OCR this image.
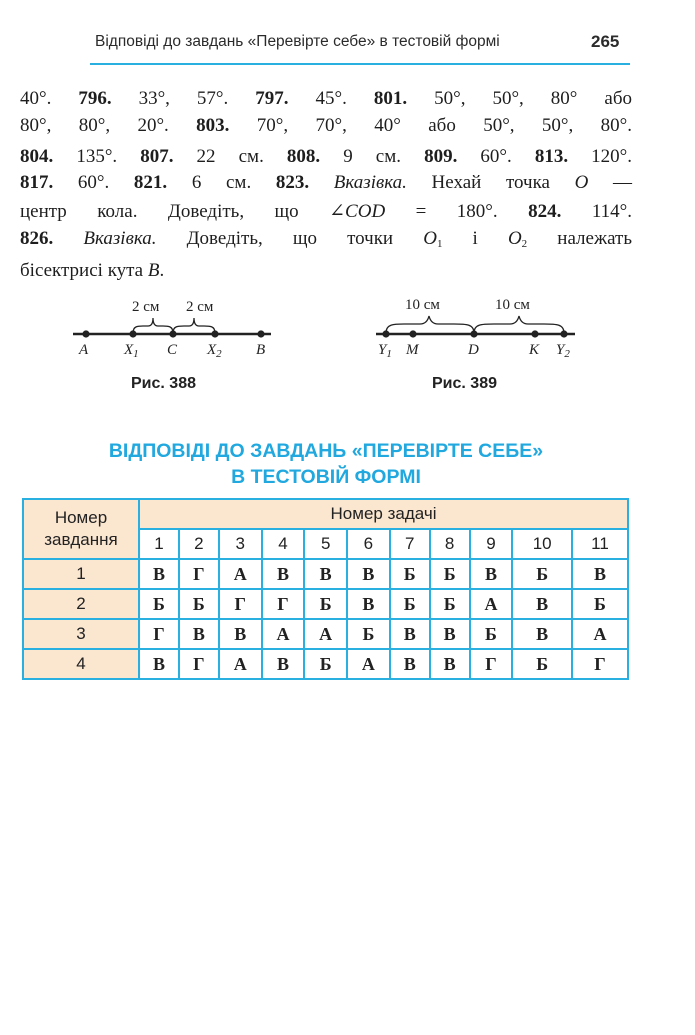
Відповіді до завдань «Перевірте себе» в тестовій формі	265
40°. 796. 33°, 57°. 797. 45°. 801. 50°, 50°, 80° або
80°, 80°, 20°. 803. 70°, 70°, 40° або 50°, 50°, 80°.
804. 135°. 807. 22 см. 808. 9 см. 809. 60°. 813. 120°.
817. 60°. 821. 6 см. 823. Вказівка. Нехай точка O —
центр кола. Доведіть, що ∠COD = 180°. 824. 114°.
826. Вказівка. Доведіть, що точки $O_1$ і $O_2$ належать
бісектрисі кута B.
2 см 2 см
A $X_1$ C $X_2$ B
Рис. 388
10 см	10 см
$Y_1$ M	D	K $Y_2$
Рис. 389
ВІДПОВІДІ ДО ЗАВДАНЬ «ПЕРЕВІРТЕ СЕБЕ»
В ТЕСТОВІЙ ФОРМІ
Номер завдання	Номер задачі										
	1	2	3	4	5	6	7	8	9	10	11
1	В	Г	А	В	В	В	Б	Б	В	Б	В
2	Б	Б	Г	Г	Б	В	Б	Б	А	В	Б
3	Г	В	В	А	А	Б	В	В	Б	В	А
4	В	Г	А	В	Б	А	В	В	Г	Б	Г
